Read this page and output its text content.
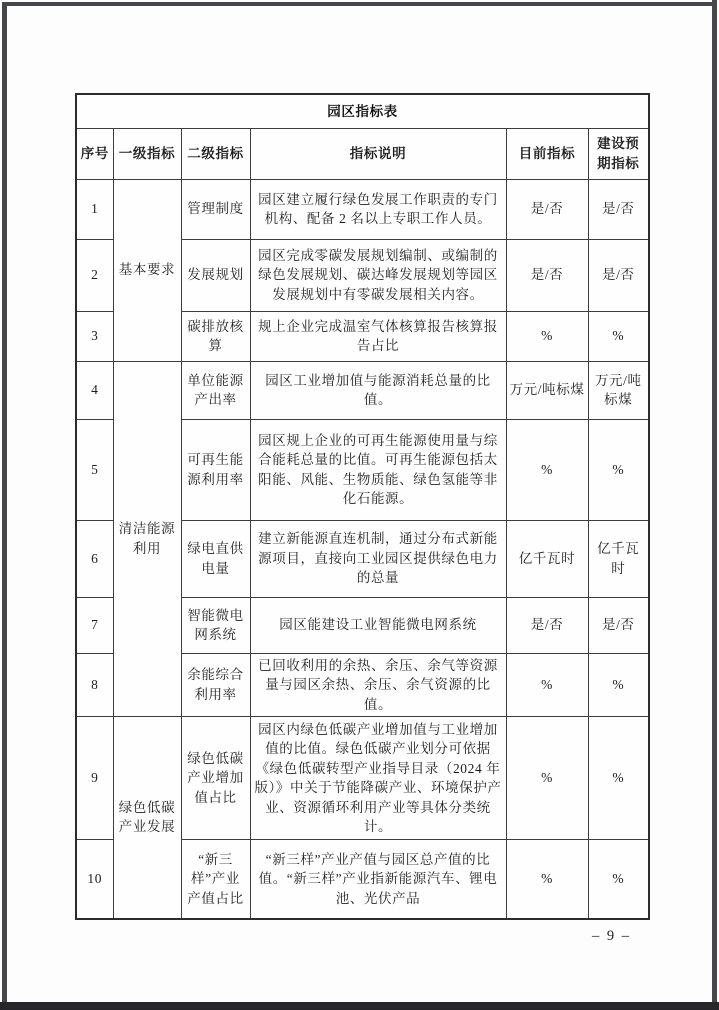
园区指标表					
序号	一级指标	二级指标	指标说明	目前指标	建设预期指标
1	基本要求	管理制度	园区建立履行绿色发展工作职责的专门机构、配备 2 名以上专职工作人员。	是/否	是/否
2		发展规划	园区完成零碳发展规划编制、或编制的绿色发展规划、碳达峰发展规划等园区发展规划中有零碳发展相关内容。	是/否	是/否
3		碳排放核算	规上企业完成温室气体核算报告核算报告占比	%	%
4	清洁能源利用	单位能源产出率	园区工业增加值与能源消耗总量的比值。	万元/吨标煤	万元/吨标煤
5		可再生能源利用率	园区规上企业的可再生能源使用量与综合能耗总量的比值。可再生能源包括太阳能、风能、生物质能、绿色氢能等非化石能源。	%	%
6		绿电直供电量	建立新能源直连机制，通过分布式新能源项目，直接向工业园区提供绿色电力的总量	亿千瓦时	亿千瓦时
7		智能微电网系统	园区能建设工业智能微电网系统	是/否	是/否
8		余能综合利用率	已回收利用的余热、余压、余气等资源量与园区余热、余压、余气资源的比值。	%	%
9	绿色低碳产业发展	绿色低碳产业增加值占比	园区内绿色低碳产业增加值与工业增加值的比值。绿色低碳产业划分可依据《绿色低碳转型产业指导目录（2024 年版）》中关于节能降碳产业、环境保护产业、资源循环利用产业等具体分类统计。	%	%
10		“新三样”产业产值占比	“新三样”产业产值与园区总产值的比值。“新三样”产业指新能源汽车、锂电池、光伏产品	%	%
– 9 –
